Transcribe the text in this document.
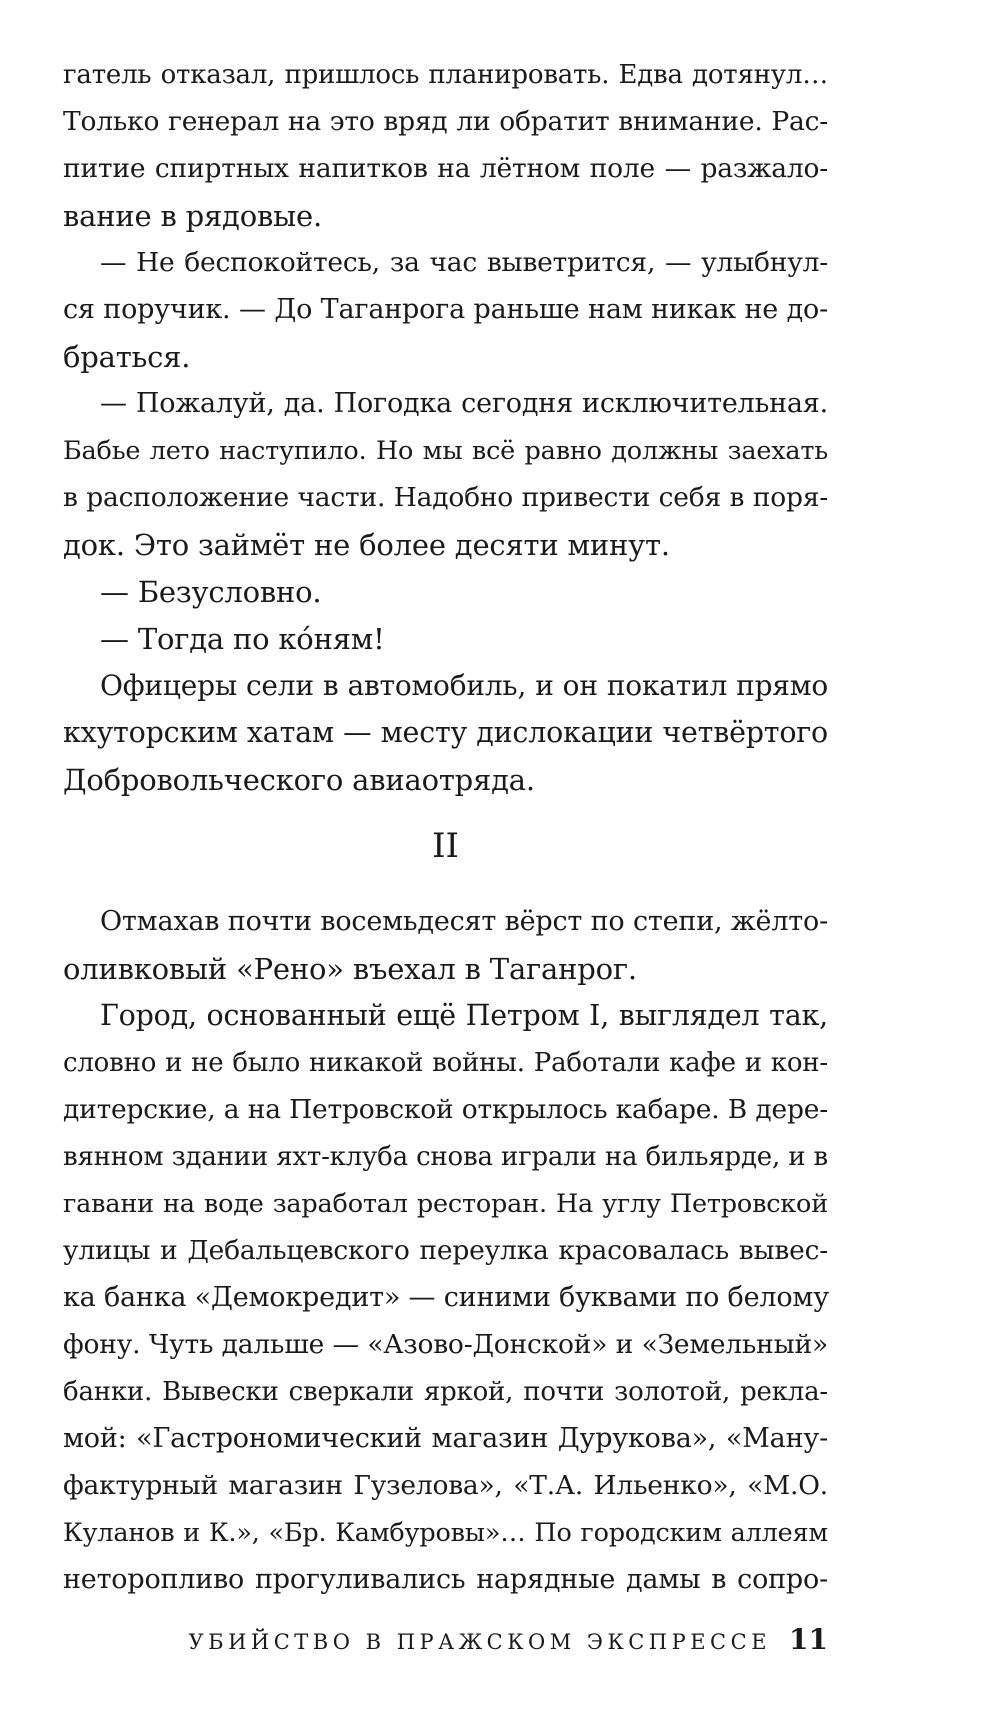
гатель отказал, пришлось планировать. Едва дотянул…
Только генерал на это вряд ли обратит внимание. Рас-
питие спиртных напитков на лётном поле — разжало-
вание в рядовые.
— Не беспокойтесь, за час выветрится, — улыбнул-
ся поручик. — До Таганрога раньше нам никак не до-
браться.
— Пожалуй, да. Погодка сегодня исключительная.
Бабье лето наступило. Но мы всё равно должны заехать
в расположение части. Надобно привести себя в поря-
док. Это займёт не более десяти минут.
— Безусловно.
— Тогда по ко́ням!
Офицеры сели в автомобиль, и он покатил прямо
кхуторским хатам — месту дислокации четвёртого
Добровольческого авиаотряда.
II
Отмахав почти восемьдесят вёрст по степи, жёлто-
оливковый «Рено» въехал в Таганрог.
Город, основанный ещё Петром I, выглядел так,
словно и не было никакой войны. Работали кафе и кон-
дитерские, а на Петровской открылось кабаре. В дере-
вянном здании яхт-клуба снова играли на бильярде, и в
гавани на воде заработал ресторан. На углу Петровской
улицы и Дебальцевского переулка красовалась вывес-
ка банка «Демокредит» — синими буквами по белому
фону. Чуть дальше — «Азово-Донской» и «Земельный»
банки. Вывески сверкали яркой, почти золотой, рекла-
мой: «Гастрономический магазин Дурукова», «Ману-
фактурный магазин Гузелова», «Т.А. Ильенко», «М.О.
Куланов и К.», «Бр. Камбуровы»… По городским аллеям
неторопливо прогуливались нарядные дамы в сопро-
УБИЙСТВО В ПРАЖСКОМ ЭКСПРЕССЕ 11
